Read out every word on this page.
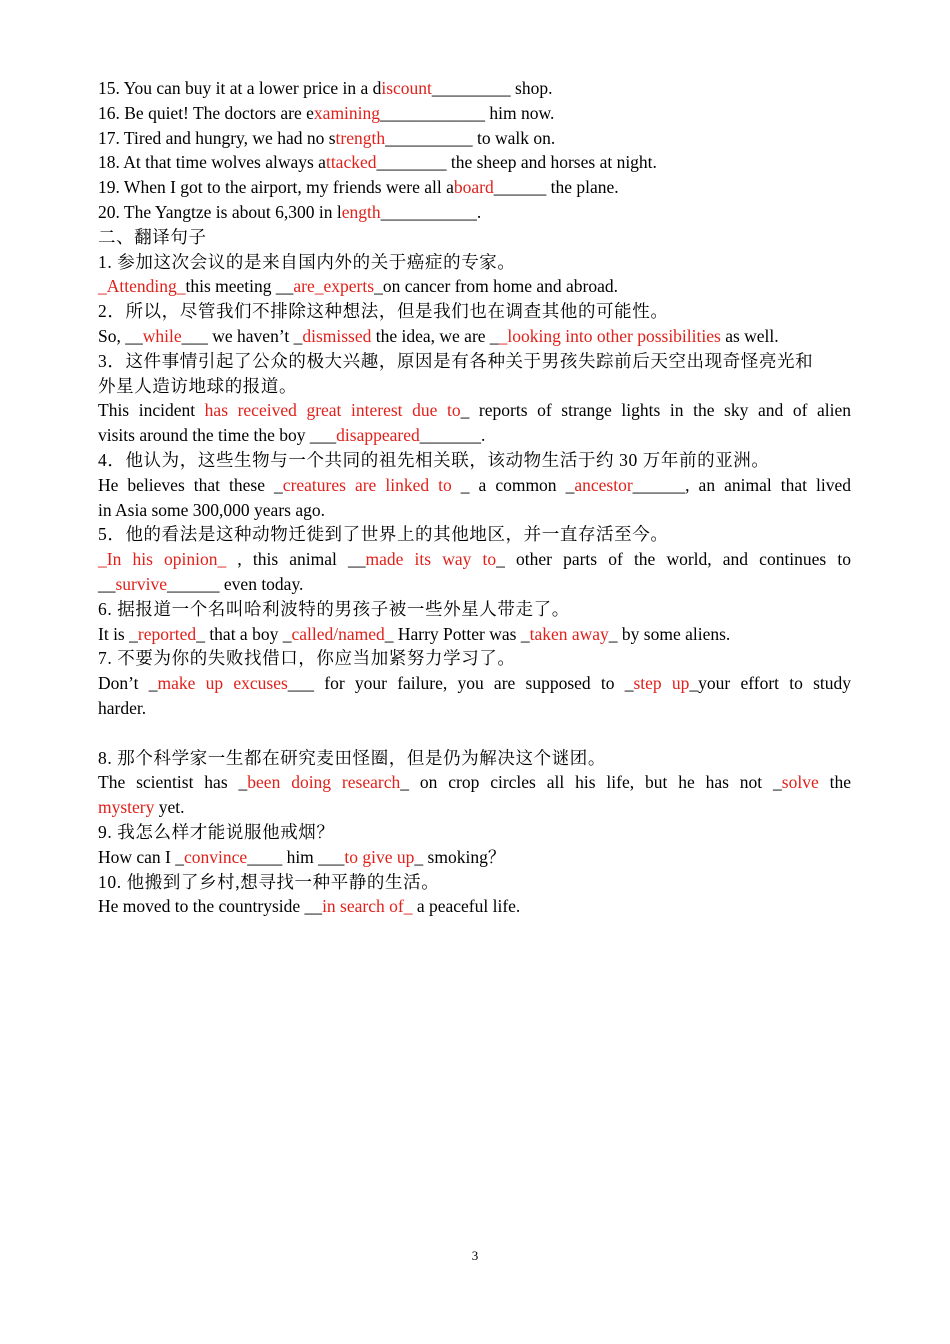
15. You can buy it at a lower price in a discount_________ shop.
16. Be quiet! The doctors are examining____________ him now.
17. Tired and hungry, we had no strength__________ to walk on.
18. At that time wolves always attacked________ the sheep and horses at night.
19. When I got to the airport, my friends were all aboard______ the plane.
20. The Yangtze is about 6,300 in length___________.
二、翻译句子
1. 参加这次会议的是来自国内外的关于癌症的专家。
_Attending_this meeting __are_experts_on cancer from home and abroad.
2．所以，尽管我们不排除这种想法，但是我们也在调查其他的可能性。
So, __while___ we haven’t _dismissed the idea, we are __looking into other possibilities as well.
3．这件事情引起了公众的极大兴趣，原因是有各种关于男孩失踪前后天空出现奇怪亮光和
外星人造访地球的报道。
This incident has received great interest due to_ reports of strange lights in the sky and of alien
visits around the time the boy ___disappeared_______.
4．他认为，这些生物与一个共同的祖先相关联，该动物生活于约 30 万年前的亚洲。
He believes that these _creatures are linked to _ a common _ancestor______, an animal that lived
in Asia some 300,000 years ago.
5．他的看法是这种动物迁徙到了世界上的其他地区，并一直存活至今。
_In his opinion_ , this animal __made its way to_ other parts of the world, and continues to
__survive______ even today.
6. 据报道一个名叫哈利波特的男孩子被一些外星人带走了。
It is _reported_ that a boy _called/named_ Harry Potter was _taken away_ by some aliens.
7. 不要为你的失败找借口，你应当加紧努力学习了。
Don’t _make up excuses___ for your failure, you are supposed to _step up_your effort to study
harder.
8. 那个科学家一生都在研究麦田怪圈，但是仍为解决这个谜团。
The scientist has _been doing research_ on crop circles all his life, but he has not _solve the
mystery yet.
9. 我怎么样才能说服他戒烟？
How can I _convince____ him ___to give up_ smoking？
10. 他搬到了乡村,想寻找一种平静的生活。
He moved to the countryside __in search of_ a peaceful life.
3
